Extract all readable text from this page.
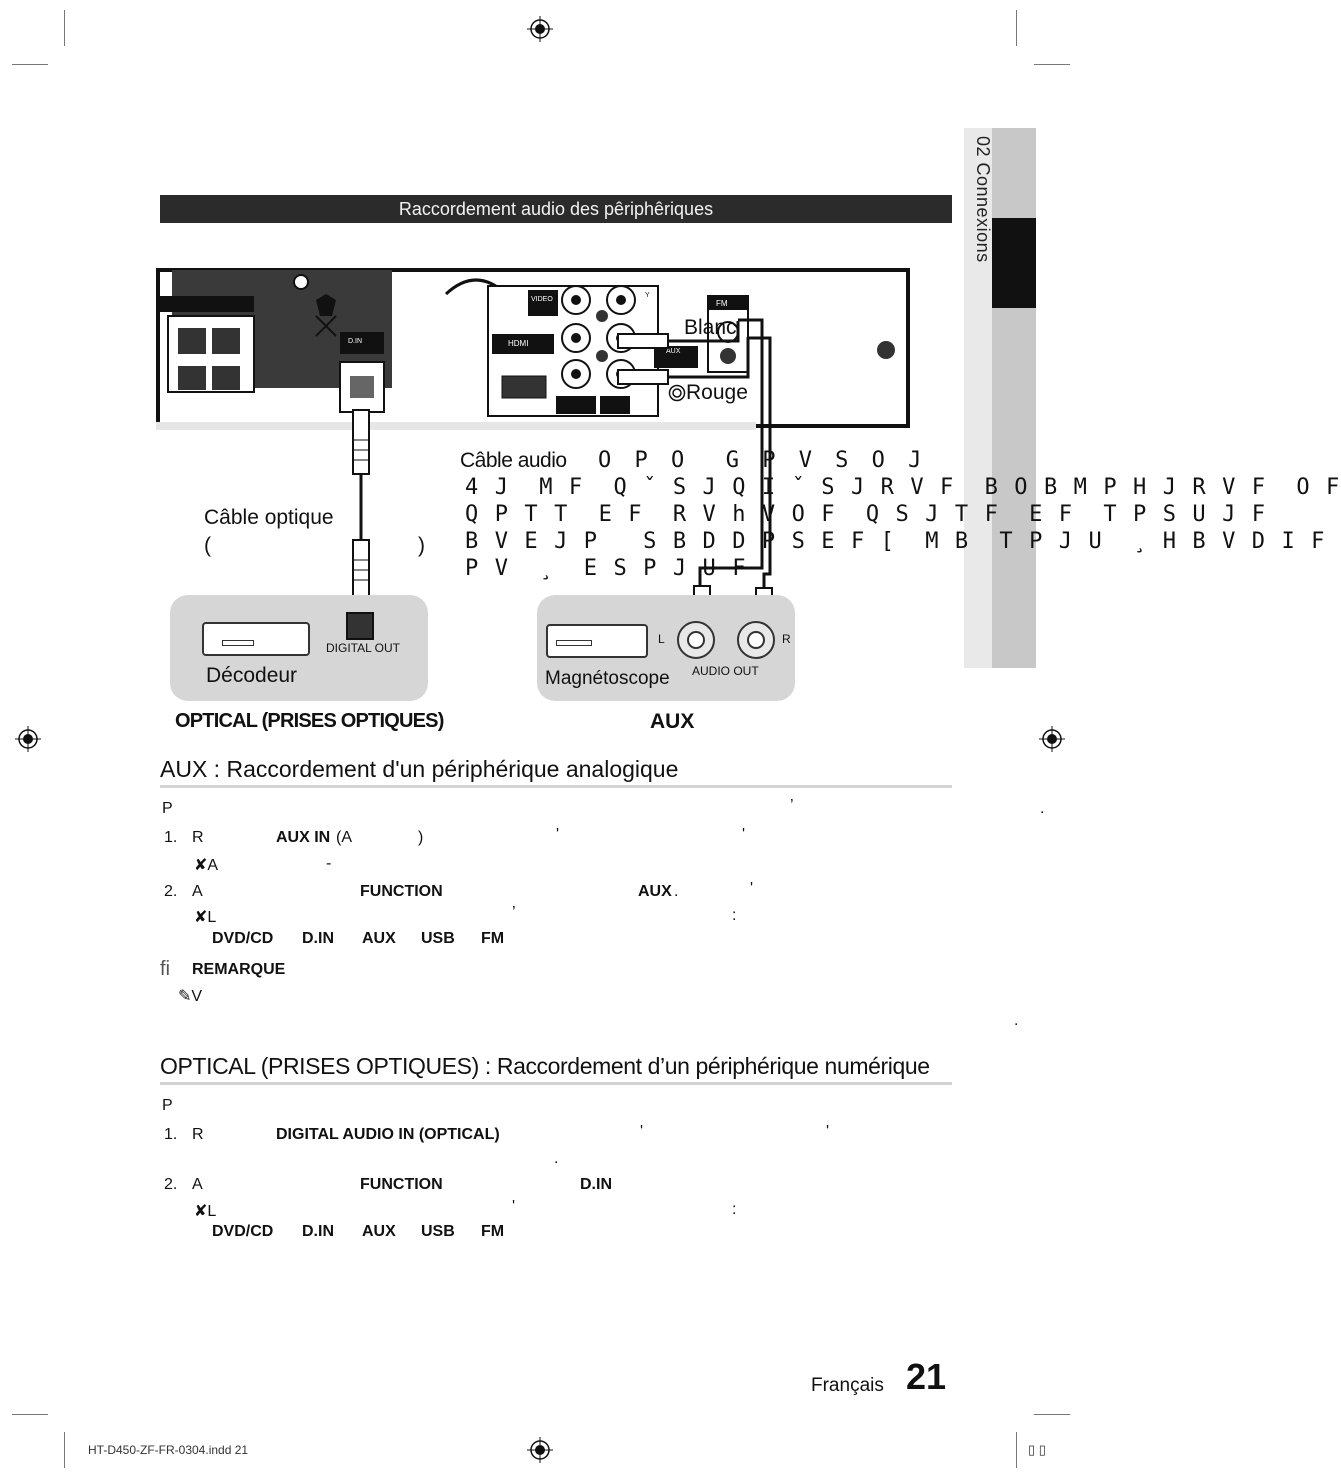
02 Connexions
Raccordement audio des pêriphêriques
HDMI
FM
AUX
D.IN
VIDEO
Y
Blanc
Rouge
Câble audio O P O  G P V S O J
4 J  M F  Q ˇ S J Q I ˇ S J R V F  B O B M P H J R V F  O F
Q P T T  E F  R V h V O F  Q S J T F  E F  T P S U J F
B V E J P   S B D D P S E F [  M B  T P J U  ¸ H B V D I F
P V  ¸  E S P J U F
Câble optique
(	)
DIGITAL OUT
Décodeur
L	R
AUDIO OUT
Magnétoscope
OPTICAL (PRISES OPTIQUES)	AUX
AUX : Raccordement d'un périphérique analogique
P	’	.
1. R	AUX IN (A	)	'	'
✘A	-
2. A	FUNCTION	AUX .	'
✘L	’	:
DVD/CD D.IN AUX USB FM
ﬁ REMARQUE
✎V
.
OPTICAL (PRISES OPTIQUES) : Raccordement d’un périphérique numérique
P
1. R	DIGITAL AUDIO IN (OPTICAL)	'	'
.
2. A	FUNCTION	D.IN
✘L	'	:
DVD/CD D.IN AUX USB FM
Français 21
HT-D450-ZF-FR-0304.indd 21	▯ ▯
